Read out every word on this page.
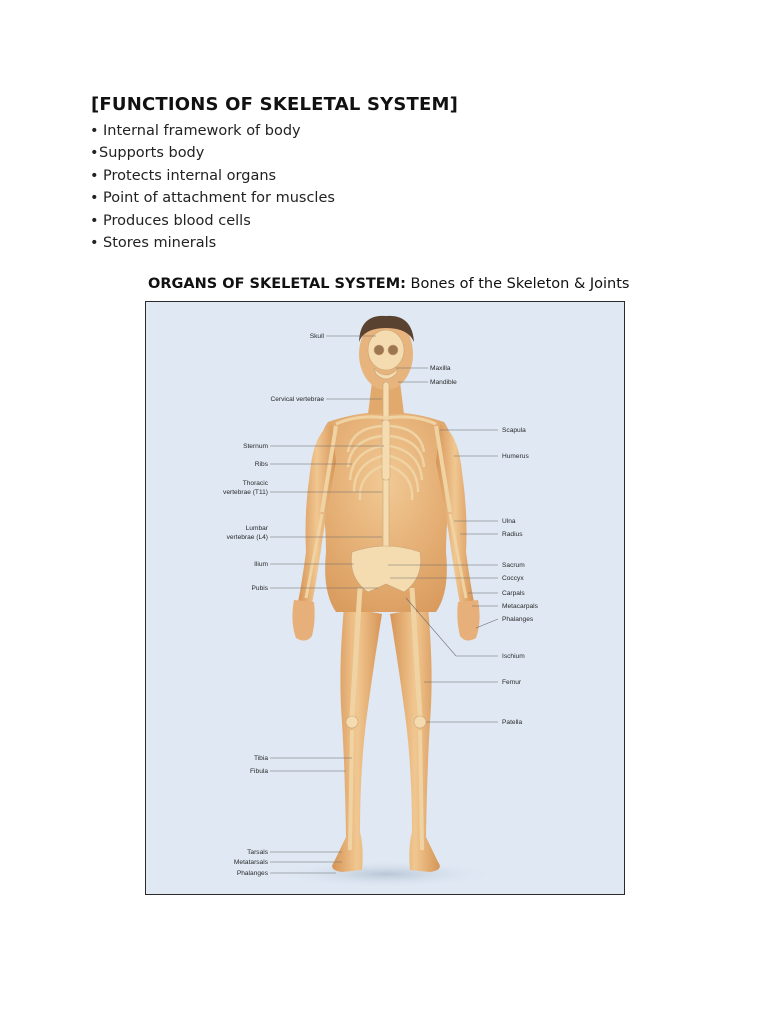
[FUNCTIONS OF SKELETAL SYSTEM]
• Internal framework of body
•Supports body
• Protects internal organs
• Point of attachment for muscles
• Produces blood cells
• Stores minerals

ORGANS OF SKELETAL SYSTEM: Bones of the Skeleton & Joints

Skull
Cervical vertebrae
Sternum
Ribs
Thoracic
vertebrae (T11)
Lumbar
vertebrae (L4)
Ilium
Pubis
Tibia
Fibula
Tarsals
Metatarsals
Phalanges
Maxilla
Mandible
Scapula
Humerus
Ulna
Radius
Sacrum
Coccyx
Carpals
Metacarpals
Phalanges
Ischium
Femur
Patella
